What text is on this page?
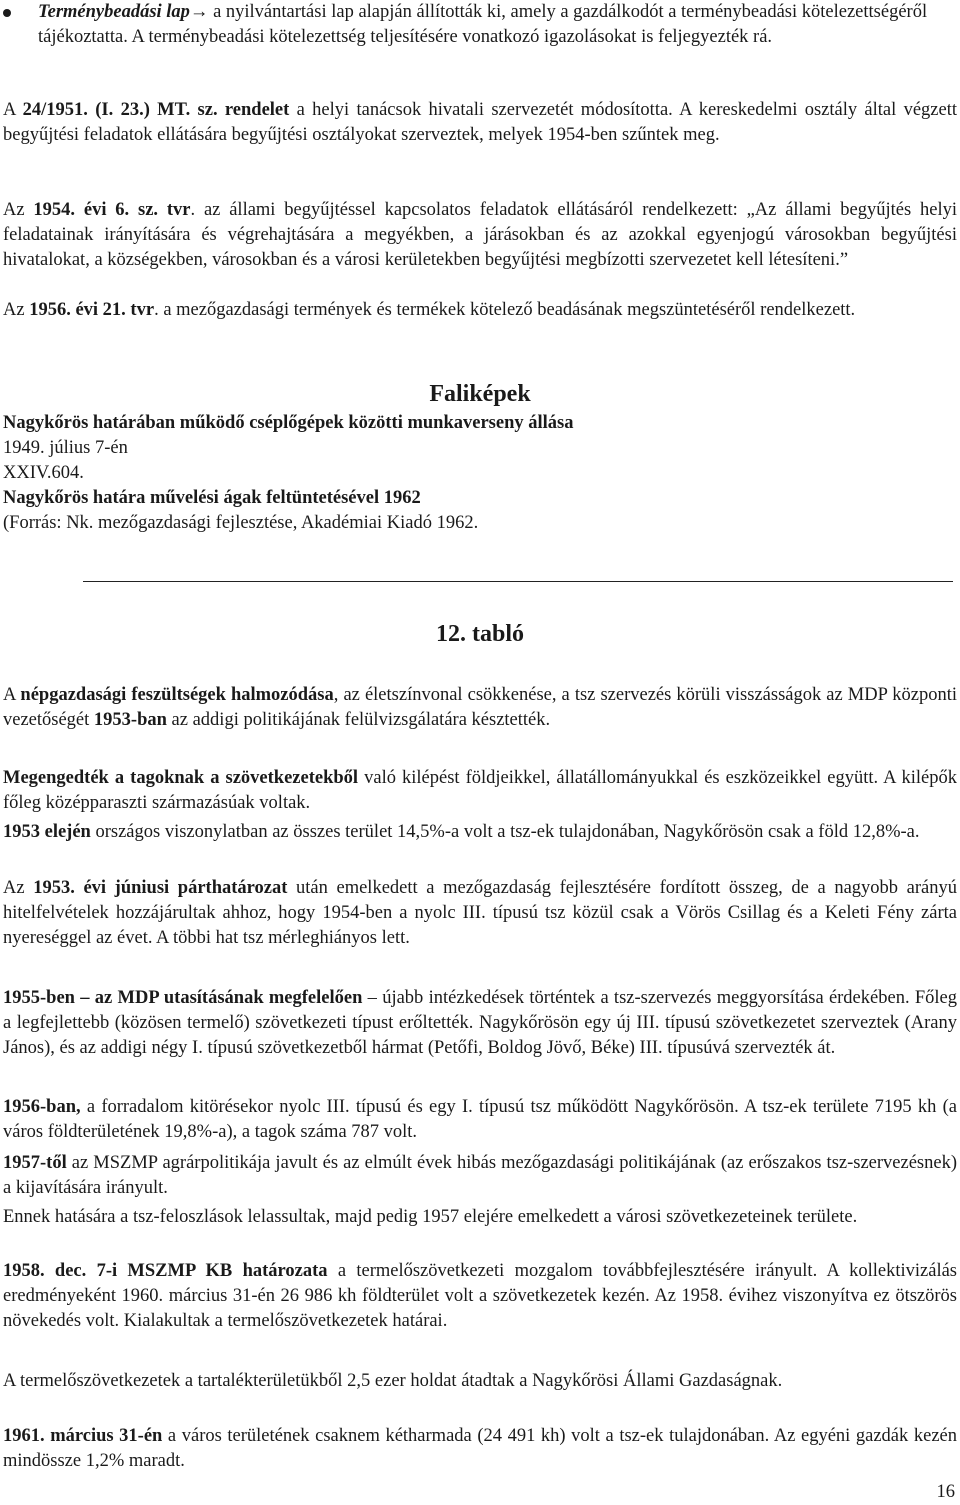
Terménybeadási lap→ a nyilvántartási lap alapján állították ki, amely a gazdálkodót a terménybeadási kötelezettségéről tájékoztatta. A terménybeadási kötelezettség teljesítésére vonatkozó igazolásokat is feljegyezték rá.

A 24/1951. (I. 23.) MT. sz. rendelet a helyi tanácsok hivatali szervezetét módosította. A kereskedelmi osztály által végzett begyűjtési feladatok ellátására begyűjtési osztályokat szerveztek, melyek 1954-ben szűntek meg.

Az 1954. évi 6. sz. tvr. az állami begyűjtéssel kapcsolatos feladatok ellátásáról rendelkezett: „Az állami begyűjtés helyi feladatainak irányítására és végrehajtására a megyékben, a járásokban és az azokkal egyenjogú városokban begyűjtési hivatalokat, a községekben, városokban és a városi kerületekben begyűjtési megbízotti szervezetet kell létesíteni.”

Az 1956. évi 21. tvr. a mezőgazdasági termények és termékek kötelező beadásának megszüntetéséről rendelkezett.

Faliképek

Nagykőrös határában működő cséplőgépek közötti munkaverseny állása

1949. július 7-én

XXIV.604.

Nagykőrös határa művelési ágak feltüntetésével 1962

(Forrás: Nk. mezőgazdasági fejlesztése, Akadémiai Kiadó 1962.

12. tabló

A népgazdasági feszültségek halmozódása, az életszínvonal csökkenése, a tsz szervezés körüli visszásságok az MDP központi vezetőségét 1953-ban az addigi politikájának felülvizsgálatára késztették.

Megengedték a tagoknak a szövetkezetekből való kilépést földjeikkel, állatállományukkal és eszközeikkel együtt. A kilépők főleg középparaszti származásúak voltak.

1953 elején országos viszonylatban az összes terület 14,5%-a volt a tsz-ek tulajdonában, Nagykőrösön csak a föld 12,8%-a.

Az 1953. évi júniusi párthatározat után emelkedett a mezőgazdaság fejlesztésére fordított összeg, de a nagyobb arányú hitelfelvételek hozzájárultak ahhoz, hogy 1954-ben a nyolc III. típusú tsz közül csak a Vörös Csillag és a Keleti Fény zárta nyereséggel az évet. A többi hat tsz mérleghiányos lett.

1955-ben – az MDP utasításának megfelelően – újabb intézkedések történtek a tsz-szervezés meggyorsítása érdekében. Főleg a legfejlettebb (közösen termelő) szövetkezeti típust erőltették. Nagykőrösön egy új III. típusú szövetkezetet szerveztek (Arany János), és az addigi négy I. típusú szövetkezetből hármat (Petőfi, Boldog Jövő, Béke) III. típusúvá szervezték át.

1956-ban, a forradalom kitörésekor nyolc III. típusú és egy I. típusú tsz működött Nagykőrösön. A tsz-ek területe 7195 kh (a város földterületének 19,8%-a), a tagok száma 787 volt.

1957-től az MSZMP agrárpolitikája javult és az elmúlt évek hibás mezőgazdasági politikájának (az erőszakos tsz-szervezésnek) a kijavítására irányult.

Ennek hatására a tsz-feloszlások lelassultak, majd pedig 1957 elejére emelkedett a városi szövetkezeteinek területe.

1958. dec. 7-i MSZMP KB határozata a termelőszövetkezeti mozgalom továbbfejlesztésére irányult. A kollektivizálás eredményeként 1960. március 31-én 26 986 kh földterület volt a szövetkezetek kezén. Az 1958. évihez viszonyítva ez ötszörös növekedés volt. Kialakultak a termelőszövetkezetek határai.

A termelőszövetkezetek a tartalékterületükből 2,5 ezer holdat átadtak a Nagykőrösi Állami Gazdaságnak.

1961. március 31-én a város területének csaknem kétharmada (24 491 kh) volt a tsz-ek tulajdonában. Az egyéni gazdák kezén mindössze 1,2% maradt.

16
